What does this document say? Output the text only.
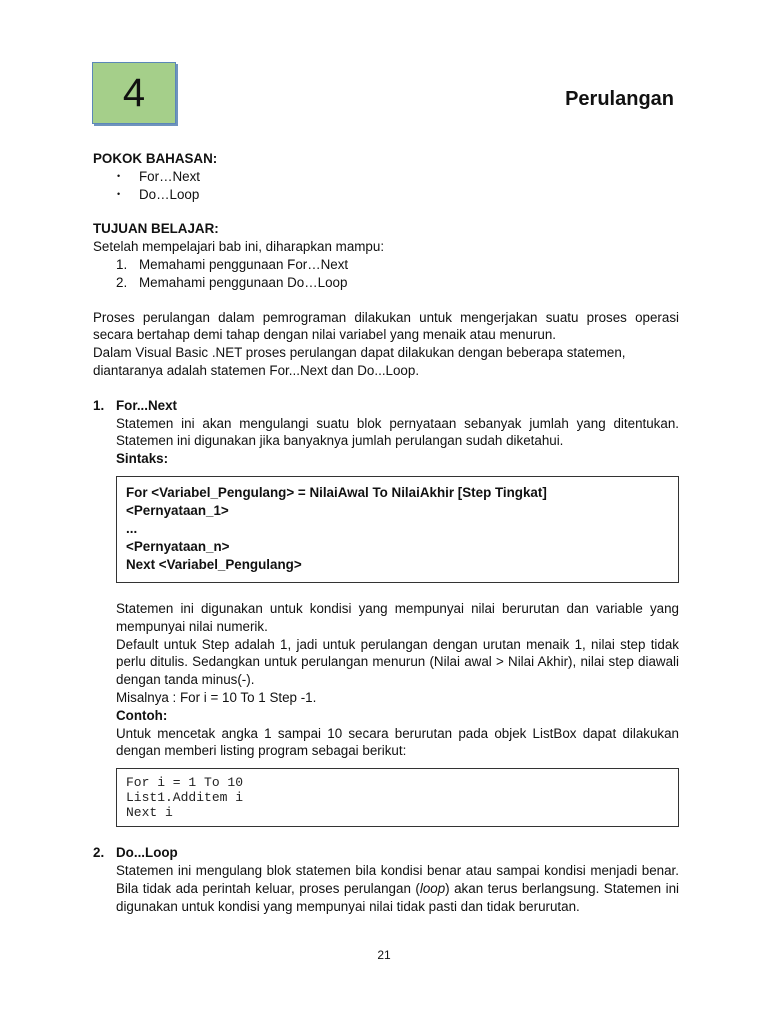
4	Perulangan

POKOK BAHASAN:

• For…Next
• Do…Loop

TUJUAN BELAJAR:

Setelah mempelajari bab ini, diharapkan mampu:

1. Memahami penggunaan For…Next
2. Memahami penggunaan Do…Loop

Proses perulangan dalam pemrograman dilakukan untuk mengerjakan suatu proses operasi secara bertahap demi tahap dengan nilai variabel yang menaik atau menurun.

Dalam Visual Basic .NET proses perulangan dapat dilakukan dengan beberapa statemen, diantaranya adalah statemen For...Next dan Do...Loop.

1. For...Next

Statemen ini akan mengulangi suatu blok pernyataan sebanyak jumlah yang ditentukan. Statemen ini digunakan jika banyaknya jumlah perulangan sudah diketahui.

Sintaks:

For <Variabel_Pengulang> = NilaiAwal To NilaiAkhir [Step Tingkat]
<Pernyataan_1>
...
<Pernyataan_n>
Next <Variabel_Pengulang>

Statemen ini digunakan untuk kondisi yang mempunyai nilai berurutan dan variable yang mempunyai nilai numerik.

Default untuk Step adalah 1, jadi untuk perulangan dengan urutan menaik 1, nilai step tidak perlu ditulis. Sedangkan untuk perulangan menurun (Nilai awal > Nilai Akhir), nilai step diawali dengan tanda minus(-).

Misalnya : For i = 10 To 1 Step -1.

Contoh:

Untuk mencetak angka 1 sampai 10 secara berurutan pada objek ListBox dapat dilakukan dengan memberi listing program sebagai berikut:

For i = 1 To 10
List1.Additem i
Next i

2. Do...Loop

Statemen ini mengulang blok statemen bila kondisi benar atau sampai kondisi menjadi benar. Bila tidak ada perintah keluar, proses perulangan (loop) akan terus berlangsung. Statemen ini digunakan untuk kondisi yang mempunyai nilai tidak pasti dan tidak berurutan.

21
